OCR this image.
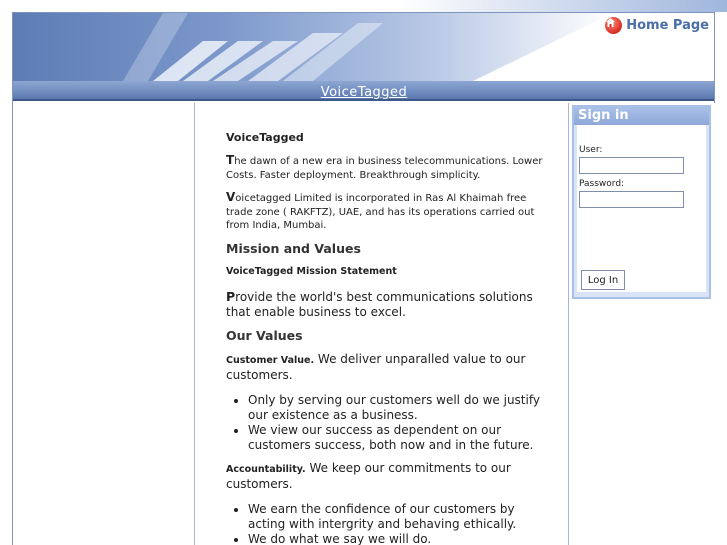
Home Page
VoiceTagged
Sign in
User:
Password:
Log In
VoiceTagged

The dawn of a new era in business telecommunications. Lower Costs. Faster deployment. Breakthrough simplicity.

Voicetagged Limited is incorporated in Ras Al Khaimah free trade zone ( RAKFTZ), UAE, and has its operations carried out from India, Mumbai.

Mission and Values
VoiceTagged Mission Statement

Provide the world's best communications solutions that enable business to excel.

Our Values

Customer Value. We deliver unparalled value to our customers.

• Only by serving our customers well do we justify our existence as a business.
• We view our success as dependent on our customers success, both now and in the future.

Accountability. We keep our commitments to our customers.

• We earn the confidence of our customers by acting with intergrity and behaving ethically.
• We do what we say we will do.
